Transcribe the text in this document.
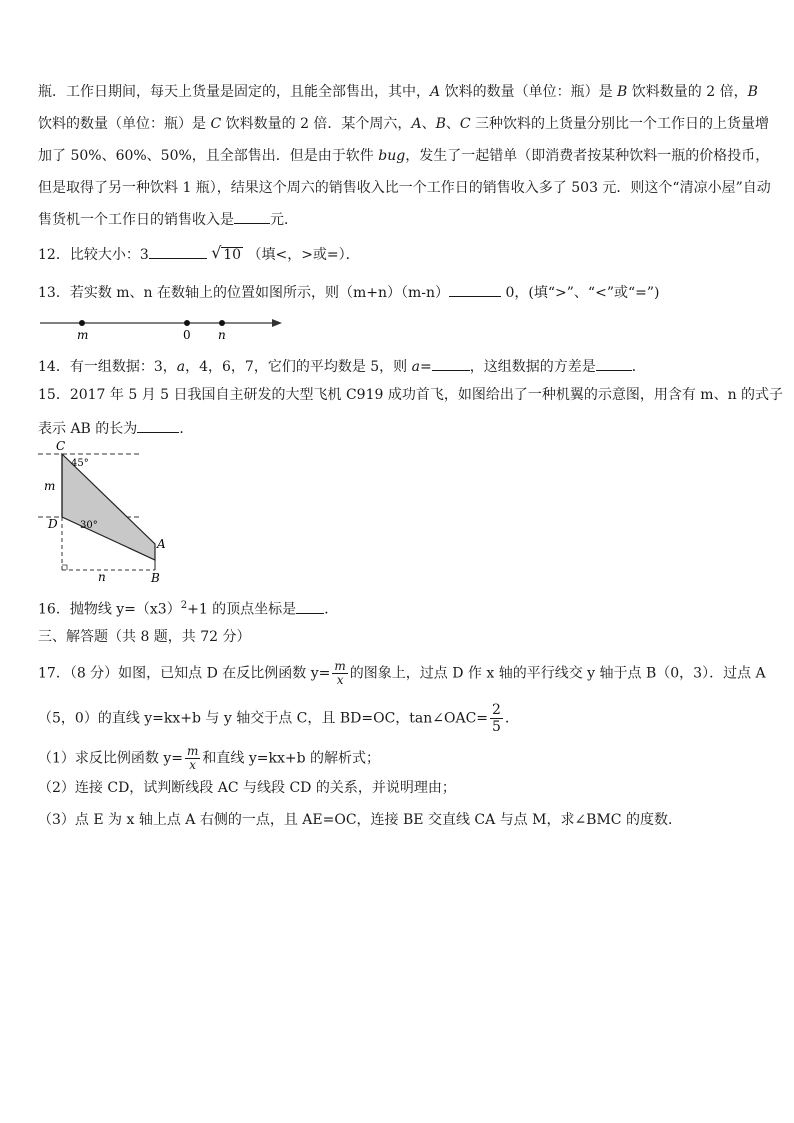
瓶．工作日期间，每天上货量是固定的，且能全部售出，其中，A 饮料的数量（单位：瓶）是 B 饮料数量的 2 倍，B
饮料的数量（单位：瓶）是 C 饮料数量的 2 倍．某个周六，A、B、C 三种饮料的上货量分别比一个工作日的上货量增
加了 50%、60%、50%，且全部售出．但是由于软件 bug，发生了一起错单（即消费者按某种饮料一瓶的价格投币，
但是取得了另一种饮料 1 瓶），结果这个周六的销售收入比一个工作日的销售收入多了 503 元．则这个“清凉小屋”自动
售货机一个工作日的销售收入是	元．
12．比较大小：3	√ 10 （填<，>或=）．
13．若实数 m、n 在数轴上的位置如图所示，则（m+n）（m-n）	0，(填“>”、“<”或“=”)
m	0 n
14．有一组数据：3，a，4，6，7，它们的平均数是 5，则 a=	，这组数据的方差是	．
15．2017 年 5 月 5 日我国自主研发的大型飞机 C919 成功首飞，如图给出了一种机翼的示意图，用含有 m、n 的式子
表示 AB 的长为	．
C
45°
m
D 30°
A
B
n
16．抛物线 $y=(x3)^2+1$ 的顶点坐标是 ．
三、解答题（共 8 题，共 72 分）
17．（8 分）如图，已知点 D 在反比例函数 $y= \frac{m}{x}$ 的图象上，过点 D 作 x 轴的平行线交 y 轴于点 B（0，3）．过点 A
（5，0）的直线 y=kx+b 与 y 轴交于点 C，且 BD=OC，tan∠OAC= $\frac{2}{5}$ ．
（1）求反比例函数 $y= \frac{m}{x}$ 和直线 y=kx+b 的解析式；
（2）连接 CD，试判断线段 AC 与线段 CD 的关系，并说明理由；
（3）点 E 为 x 轴上点 A 右侧的一点，且 AE=OC，连接 BE 交直线 CA 与点 M，求∠BMC 的度数．
